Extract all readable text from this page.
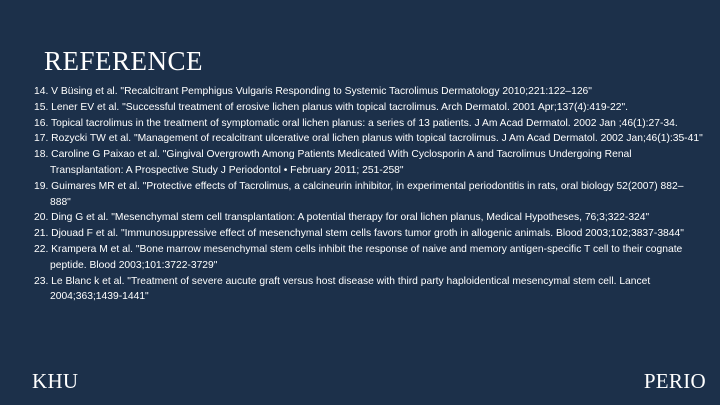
REFERENCE
14. V Büsing et al. "Recalcitrant Pemphigus Vulgaris Responding to Systemic Tacrolimus Dermatology 2010;221:122–126"
15. Lener EV et al. "Successful treatment of erosive lichen planus with topical tacrolimus. Arch Dermatol. 2001 Apr;137(4):419-22".
16. Topical tacrolimus in the treatment of symptomatic oral lichen planus: a series of 13 patients. J Am Acad Dermatol. 2002 Jan ;46(1):27-34.
17. Rozycki TW et al. "Management of recalcitrant ulcerative oral lichen planus with topical tacrolimus. J Am Acad Dermatol. 2002 Jan;46(1):35-41"
18. Caroline G Paixao et al. "Gingival Overgrowth Among Patients Medicated With Cyclosporin A and Tacrolimus Undergoing Renal Transplantation: A Prospective Study J Periodontol • February 2011; 251-258"
19. Guimares MR et al. "Protective effects of Tacrolimus, a calcineurin inhibitor, in experimental periodontitis in rats, oral biology 52(2007) 882–888"
20. Ding G et al. "Mesenchymal stem cell transplantation: A potential therapy for oral lichen planus, Medical Hypotheses, 76;3;322-324"
21. Djouad F et al. "Immunosuppressive effect of mesenchymal stem cells favors tumor groth in allogenic animals. Blood 2003;102;3837-3844"
22. Krampera M et al. "Bone marrow mesenchymal stem cells inhibit the response of naive and memory antigen-specific T cell to their cognate peptide. Blood 2003;101:3722-3729"
23. Le Blanc k et al. "Treatment of severe aucute graft versus host disease with third party haploidentical mesencymal stem cell. Lancet 2004;363;1439-1441"
KHU	PERIO
